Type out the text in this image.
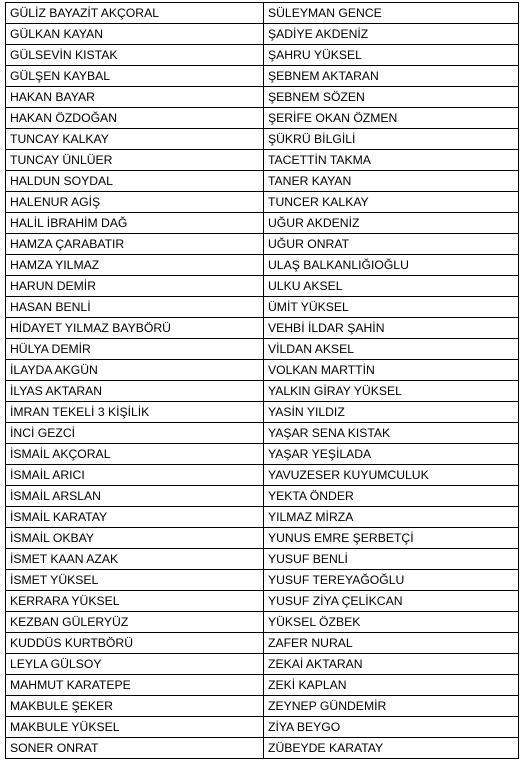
GÜLİZ BAYAZİT AKÇORAL	SÜLEYMAN GENCE
GÜLKAN KAYAN	ŞADİYE AKDENİZ
GÜLSEVİN KISTAK	ŞAHRU YÜKSEL
GÜLŞEN KAYBAL	ŞEBNEM AKTARAN
HAKAN BAYAR	ŞEBNEM SÖZEN
HAKAN ÖZDOĞAN	ŞERİFE OKAN ÖZMEN
TUNCAY KALKAY	ŞÜKRÜ BİLGİLİ
TUNCAY ÜNLÜER	TACETTİN TAKMA
HALDUN SOYDAL	TANER KAYAN
HALENUR AGİŞ	TUNCER KALKAY
HALİL İBRAHİM DAĞ	UĞUR AKDENİZ
HAMZA ÇARABATIR	UĞUR ONRAT
HAMZA YILMAZ	ULAŞ BALKANLIĞIOĞLU
HARUN DEMİR	ULKU AKSEL
HASAN BENLİ	ÜMİT YÜKSEL
HİDAYET YILMAZ BAYBÖRÜ	VEHBİ İLDAR ŞAHİN
HÜLYA DEMİR	VİLDAN AKSEL
İLAYDA AKGÜN	VOLKAN MARTTİN
İLYAS AKTARAN	YALKIN GİRAY YÜKSEL
İMRAN TEKELİ 3 KİŞİLİK	YASİN YILDIZ
İNCİ GEZCİ	YAŞAR SENA KISTAK
İSMAİL AKÇORAL	YAŞAR YEŞİLADA
İSMAİL ARICI	YAVUZESER KUYUMCULUK
İSMAİL ARSLAN	YEKTA ÖNDER
İSMAİL KARATAY	YILMAZ MİRZA
İSMAİL OKBAY	YUNUS EMRE ŞERBETÇİ
İSMET KAAN AZAK	YUSUF BENLİ
İSMET YÜKSEL	YUSUF TEREYAĞOĞLU
KERRARA YÜKSEL	YUSUF ZİYA ÇELİKCAN
KEZBAN GÜLERYÜZ	YÜKSEL ÖZBEK
KUDDÜS KURTBÖRÜ	ZAFER NURAL
LEYLA GÜLSOY	ZEKAİ AKTARAN
MAHMUT KARATEPE	ZEKİ KAPLAN
MAKBULE ŞEKER	ZEYNEP GÜNDEMİR
MAKBULE YÜKSEL	ZİYA BEYGO
SONER ONRAT	ZÜBEYDE KARATAY
